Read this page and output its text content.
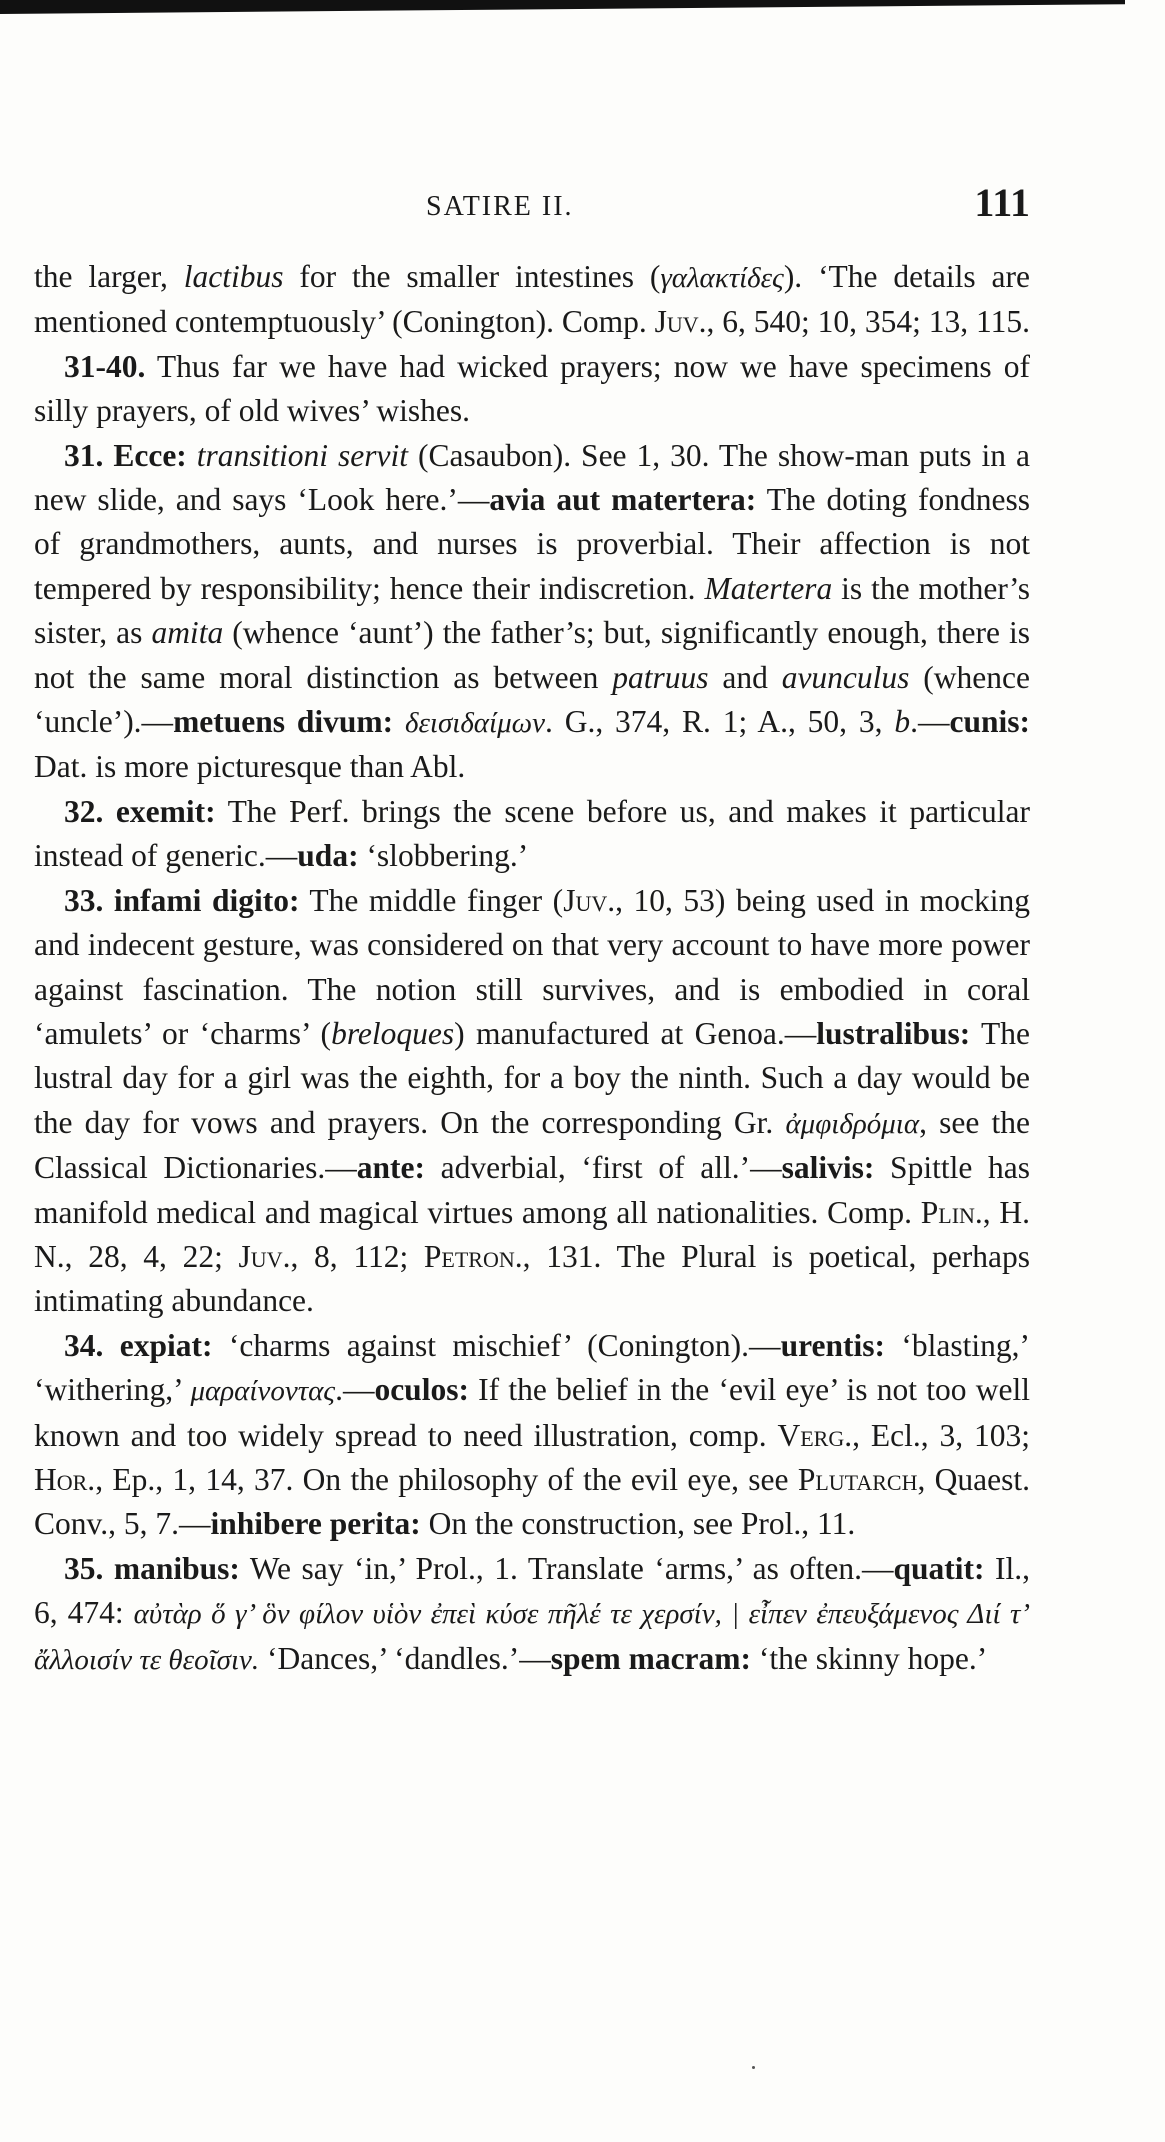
SATIRE II.	111

the larger, lactibus for the smaller intestines (γαλακτίδες). ‘The details are mentioned contemptuously’ (Conington). Comp. Juv., 6, 540; 10, 354; 13, 115.

31-40. Thus far we have had wicked prayers; now we have specimens of silly prayers, of old wives’ wishes.

31. Ecce: transitioni servit (Casaubon). See 1, 30. The show-man puts in a new slide, and says ‘Look here.’—avia aut matertera: The doting fondness of grandmothers, aunts, and nurses is proverbial. Their affection is not tempered by responsibility; hence their indiscretion. Matertera is the mother’s sister, as amita (whence ‘aunt’) the father’s; but, significantly enough, there is not the same moral distinction as between patruus and avunculus (whence ‘uncle’).—metuens divum: δεισιδαίμων. G., 374, R. 1; A., 50, 3, b.—cunis: Dat. is more picturesque than Abl.

32. exemit: The Perf. brings the scene before us, and makes it particular instead of generic.—uda: ‘slobbering.’

33. infami digito: The middle finger (Juv., 10, 53) being used in mocking and indecent gesture, was considered on that very account to have more power against fascination. The notion still survives, and is embodied in coral ‘amulets’ or ‘charms’ (breloques) manufactured at Genoa.—lustralibus: The lustral day for a girl was the eighth, for a boy the ninth. Such a day would be the day for vows and prayers. On the corresponding Gr. ἀμφιδρόμια, see the Classical Dictionaries.—ante: adverbial, ‘first of all.’—salivis: Spittle has manifold medical and magical virtues among all nationalities. Comp. Plin., H. N., 28, 4, 22; Juv., 8, 112; Petron., 131. The Plural is poetical, perhaps intimating abundance.

34. expiat: ‘charms against mischief’ (Conington).—urentis: ‘blasting,’ ‘withering,’ μαραίνοντας.—oculos: If the belief in the ‘evil eye’ is not too well known and too widely spread to need illustration, comp. Verg., Ecl., 3, 103; Hor., Ep., 1, 14, 37. On the philosophy of the evil eye, see Plutarch, Quaest. Conv., 5, 7.—inhibere perita: On the construction, see Prol., 11.

35. manibus: We say ‘in,’ Prol., 1. Translate ‘arms,’ as often.—quatit: Il., 6, 474: αὐτὰρ ὅ γ’ ὃν φίλον υἱὸν ἐπεὶ κύσε πῆλέ τε χερσίν, | εἶπεν ἐπευξάμενος Διί τ’ ἄλλοισίν τε θεοῖσιν. ‘Dances,’ ‘dandles.’—spem macram: ‘the skinny hope.’
